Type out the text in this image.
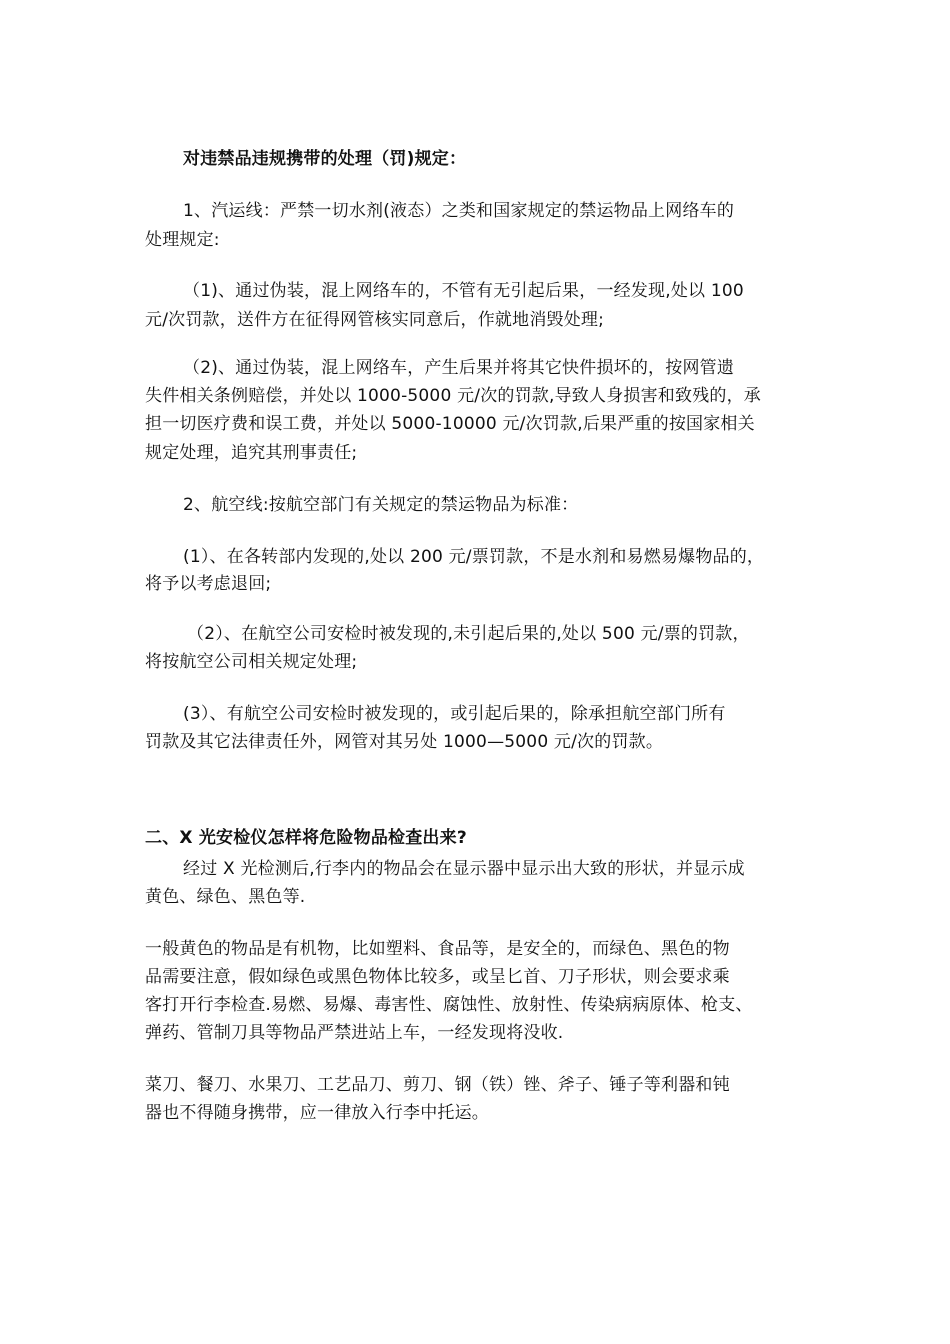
对违禁品违规携带的处理（罚)规定：
1、汽运线：严禁一切水剂(液态）之类和国家规定的禁运物品上网络车的
处理规定:
（1)、通过伪装，混上网络车的，不管有无引起后果，一经发现,处以 100
元/次罚款，送件方在征得网管核实同意后，作就地消毁处理;
（2)、通过伪装，混上网络车，产生后果并将其它快件损坏的，按网管遗
失件相关条例赔偿，并处以 1000-5000 元/次的罚款,导致人身损害和致残的，承
担一切医疗费和误工费，并处以 5000-10000 元/次罚款,后果严重的按国家相关
规定处理，追究其刑事责任;
2、航空线:按航空部门有关规定的禁运物品为标准：
(1）、在各转部内发现的,处以 200 元/票罚款，不是水剂和易燃易爆物品的，
将予以考虑退回;
（2）、在航空公司安检时被发现的,未引起后果的,处以 500 元/票的罚款，
将按航空公司相关规定处理;
(3）、有航空公司安检时被发现的，或引起后果的，除承担航空部门所有
罚款及其它法律责任外，网管对其另处 1000—5000 元/次的罚款。
二、X 光安检仪怎样将危险物品检查出来?
经过 X 光检测后,行李内的物品会在显示器中显示出大致的形状，并显示成
黄色、绿色、黑色等.
一般黄色的物品是有机物，比如塑料、食品等，是安全的，而绿色、黑色的物
品需要注意，假如绿色或黑色物体比较多，或呈匕首、刀子形状，则会要求乘
客打开行李检查.易燃、易爆、毒害性、腐蚀性、放射性、传染病病原体、枪支、
弹药、管制刀具等物品严禁进站上车，一经发现将没收.
菜刀、餐刀、水果刀、工艺品刀、剪刀、钢（铁）锉、斧子、锤子等利器和钝
器也不得随身携带，应一律放入行李中托运。
